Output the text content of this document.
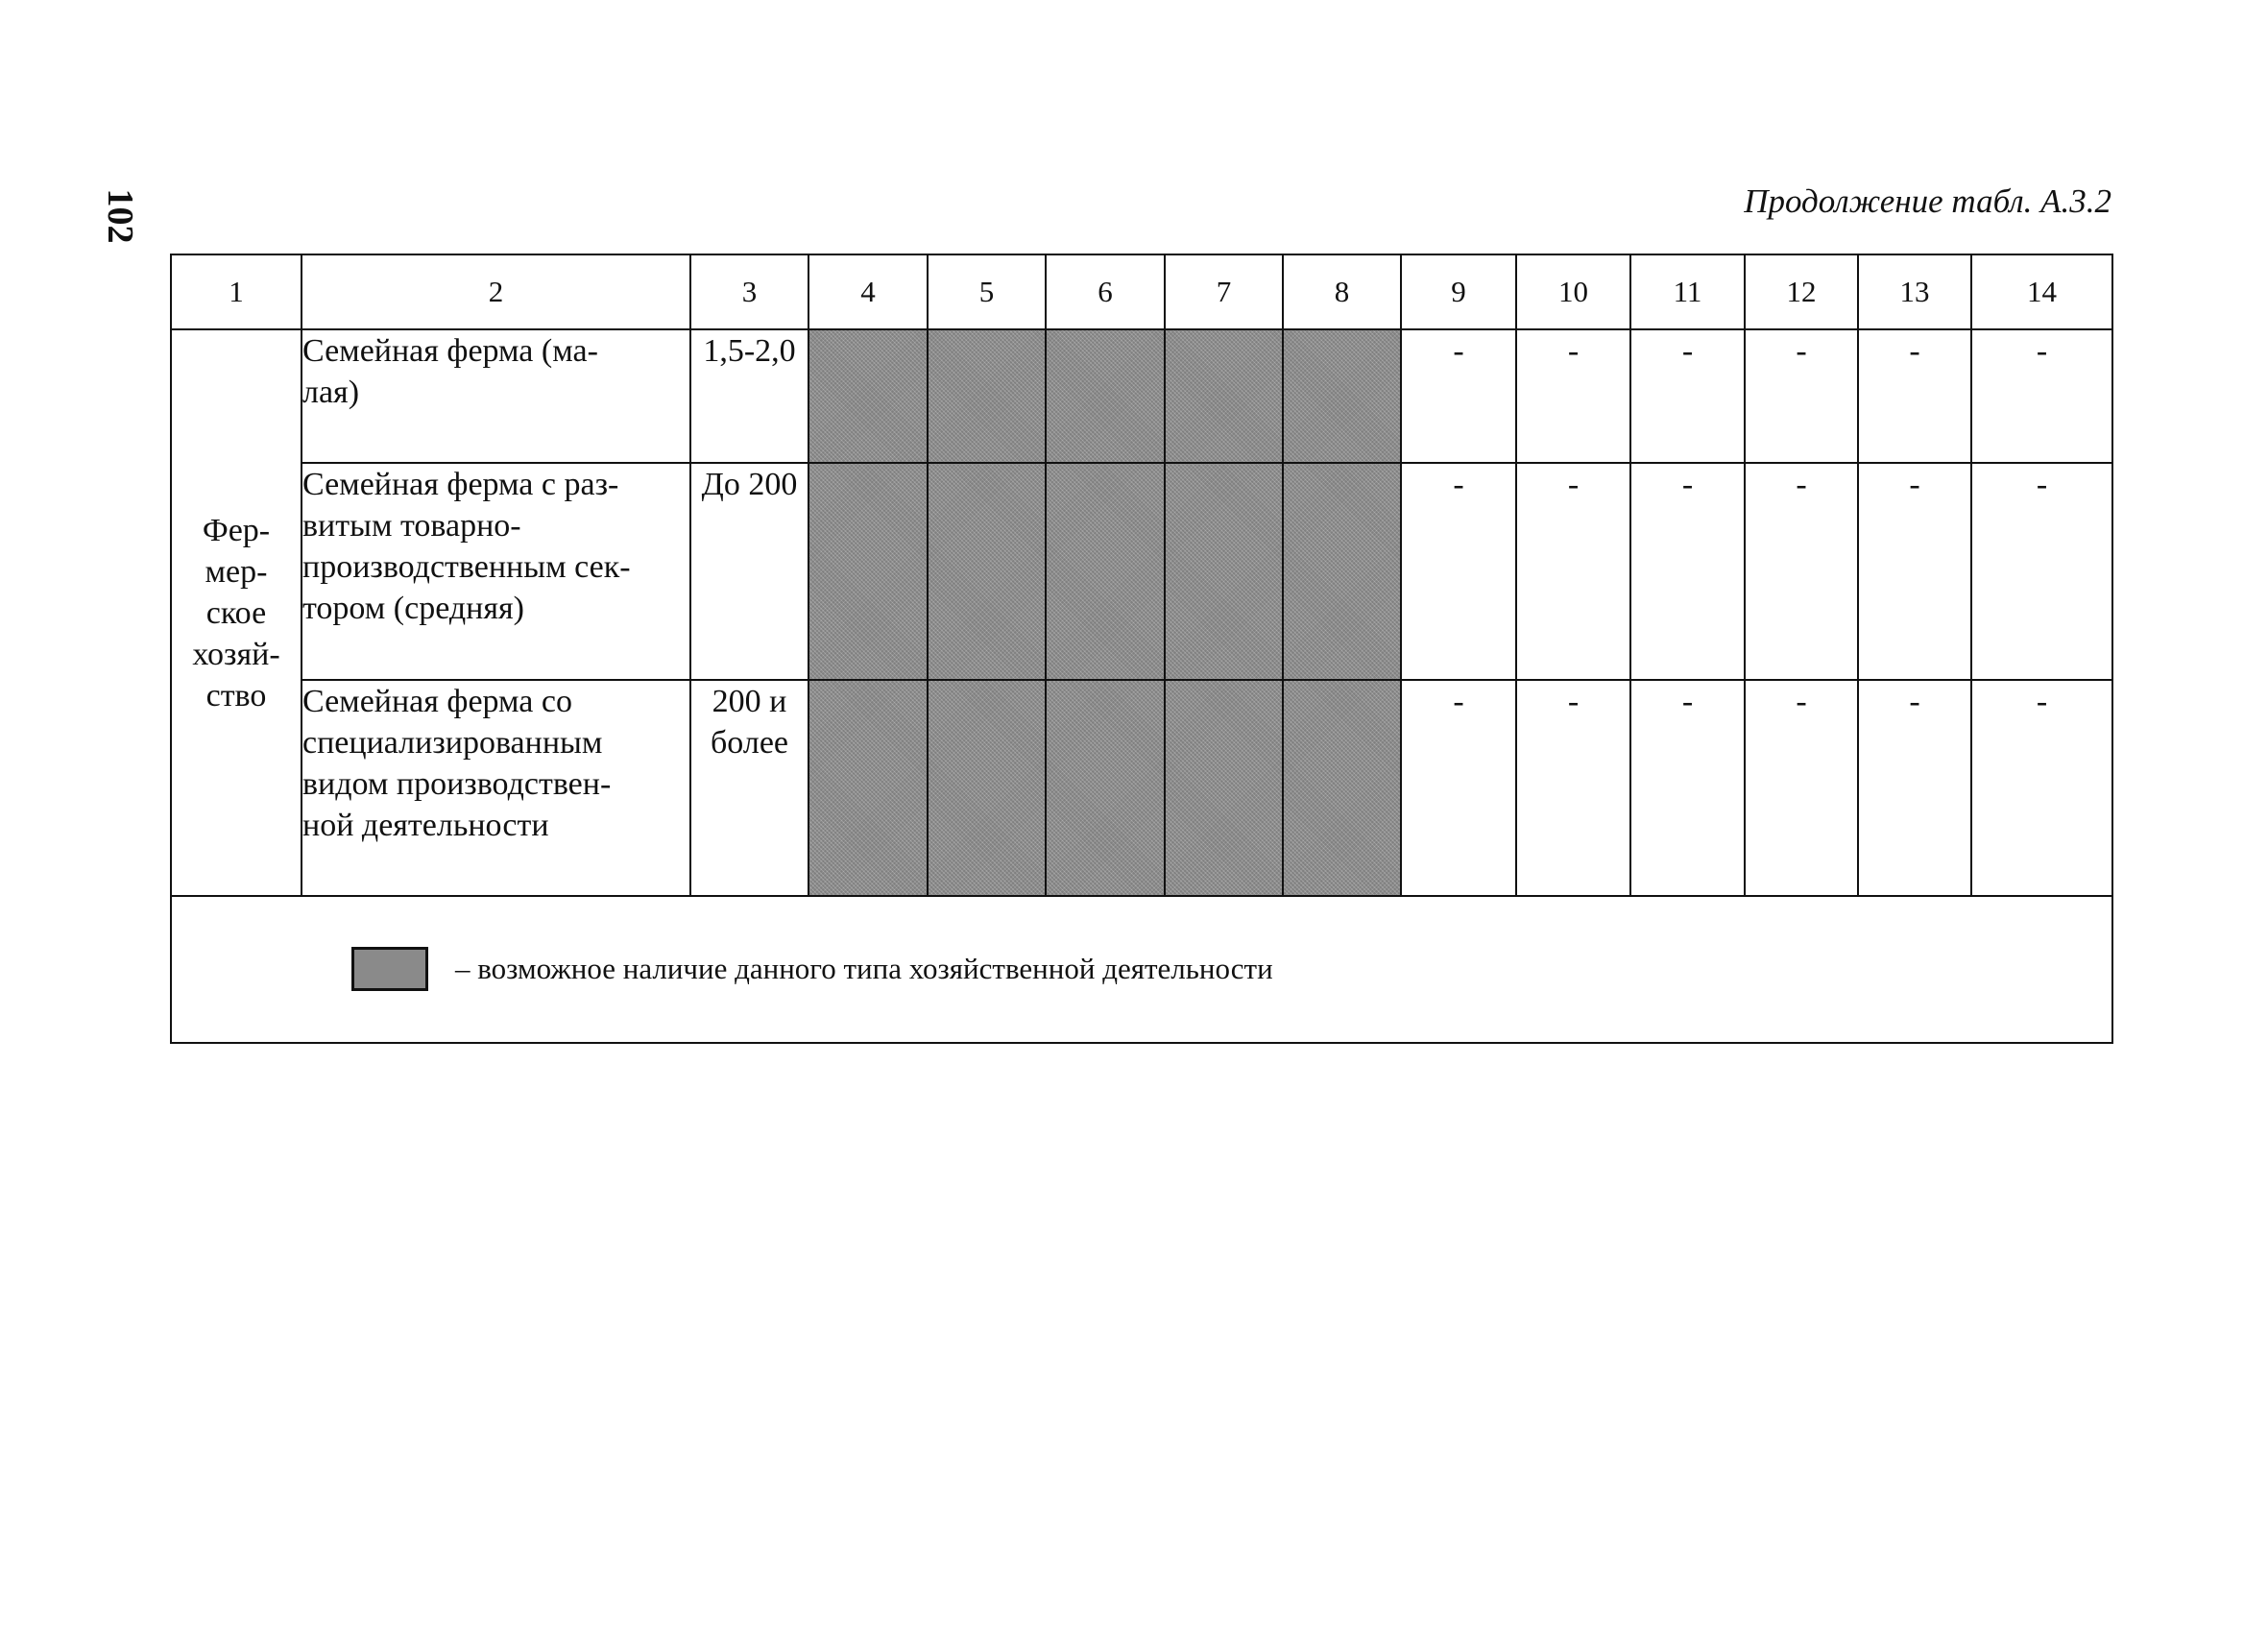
102	Продолжение табл. А.3.2
1	2	3	4	5	6	7	8	9	10	11	12	13	14

Фер-
мер-
ское
хозяй-
ство	Семейная ферма (ма-
лая)	1,5-2,0						-	-	-	-	-	-

	Семейная ферма с раз-
витым товарно-
производственным сек-
тором (средняя)	До 200						-	-	-	-	-	-

	Семейная ферма со
специализированным
видом производствен-
ной деятельности	200 и
более						-	-	-	-	-	-

– возможное наличие данного типа хозяйственной деятельности													
